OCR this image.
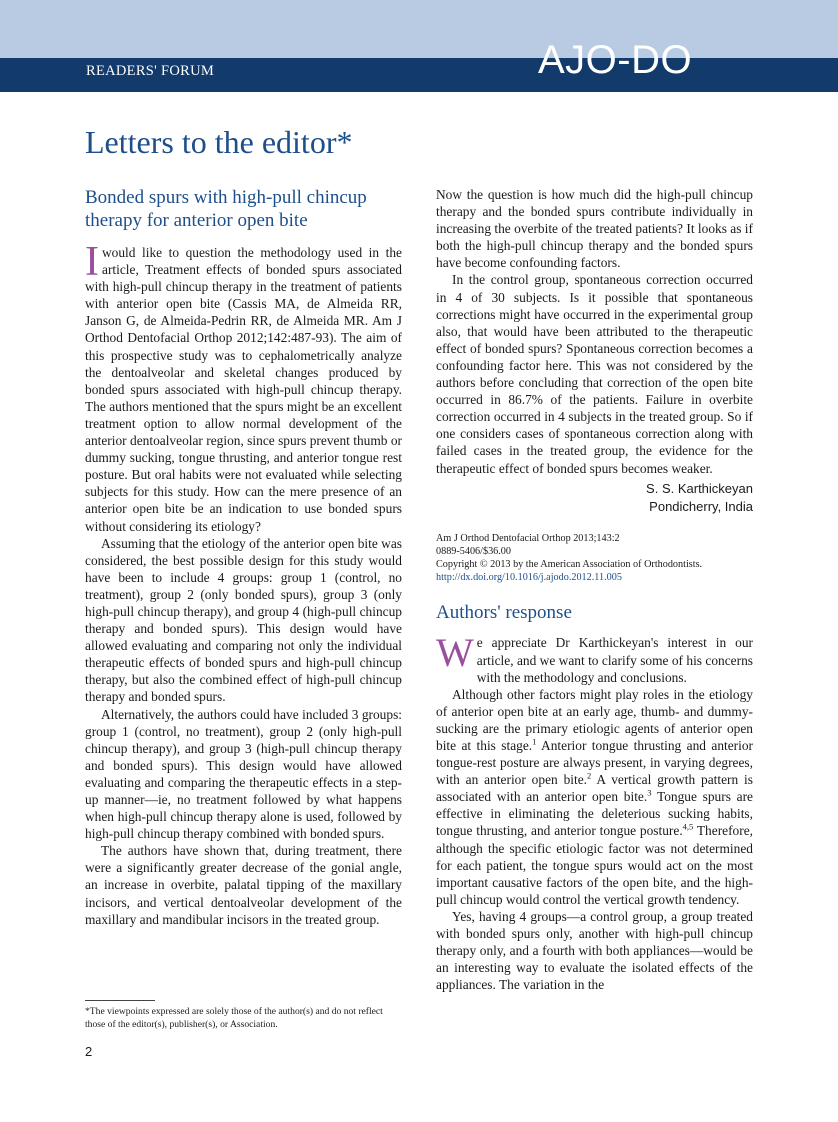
READERS' FORUM	AJO-DO
Letters to the editor*
Bonded spurs with high-pull chincup therapy for anterior open bite

Iwould like to question the methodology used in the article, Treatment effects of bonded spurs associated with high-pull chincup therapy in the treatment of patients with anterior open bite (Cassis MA, de Almeida RR, Janson G, de Almeida-Pedrin RR, de Almeida MR. Am J Orthod Dentofacial Orthop 2012;142:487-93). The aim of this prospective study was to cephalometrically analyze the dentoalveolar and skeletal changes produced by bonded spurs associated with high-pull chincup therapy. The authors mentioned that the spurs might be an excellent treatment option to allow normal development of the anterior dentoalveolar region, since spurs prevent thumb or dummy sucking, tongue thrusting, and anterior tongue rest posture. But oral habits were not evaluated while selecting subjects for this study. How can the mere presence of an anterior open bite be an indication to use bonded spurs without considering its etiology?

Assuming that the etiology of the anterior open bite was considered, the best possible design for this study would have been to include 4 groups: group 1 (control, no treatment), group 2 (only bonded spurs), group 3 (only high-pull chincup therapy), and group 4 (high-pull chincup therapy and bonded spurs). This design would have allowed evaluating and comparing not only the individual therapeutic effects of bonded spurs and high-pull chincup therapy, but also the combined effect of high-pull chincup therapy and bonded spurs.

Alternatively, the authors could have included 3 groups: group 1 (control, no treatment), group 2 (only high-pull chincup therapy), and group 3 (high-pull chincup therapy and bonded spurs). This design would have allowed evaluating and comparing the therapeutic effects in a step-up manner—ie, no treatment followed by what happens when high-pull chincup therapy alone is used, followed by high-pull chincup therapy combined with bonded spurs.

The authors have shown that, during treatment, there were a significantly greater decrease of the gonial angle, an increase in overbite, palatal tipping of the maxillary incisors, and vertical dentoalveolar development of the maxillary and mandibular incisors in the treated group.

Now the question is how much did the high-pull chincup therapy and the bonded spurs contribute individually in increasing the overbite of the treated patients? It looks as if both the high-pull chincup therapy and the bonded spurs have become confounding factors.

In the control group, spontaneous correction occurred in 4 of 30 subjects. Is it possible that spontaneous corrections might have occurred in the experimental group also, that would have been attributed to the therapeutic effect of bonded spurs? Spontaneous correction becomes a confounding factor here. This was not considered by the authors before concluding that correction of the open bite occurred in 86.7% of the patients. Failure in overbite correction occurred in 4 subjects in the treated group. So if one considers cases of spontaneous correction along with failed cases in the treated group, the evidence for the therapeutic effect of bonded spurs becomes weaker.

S. S. Karthickeyan
Pondicherry, India
Am J Orthod Dentofacial Orthop 2013;143:2
0889-5406/$36.00
Copyright © 2013 by the American Association of Orthodontists.
http://dx.doi.org/10.1016/j.ajodo.2012.11.005
Authors' response

We appreciate Dr Karthickeyan's interest in our article, and we want to clarify some of his concerns with the methodology and conclusions.

Although other factors might play roles in the etiology of anterior open bite at an early age, thumb- and dummy-sucking are the primary etiologic agents of anterior open bite at this stage.$^1$ Anterior tongue thrusting and anterior tongue-rest posture are always present, in varying degrees, with an anterior open bite.$^2$ A vertical growth pattern is associated with an anterior open bite.$^3$ Tongue spurs are effective in eliminating the deleterious sucking habits, tongue thrusting, and anterior tongue posture.$^{4,5}$ Therefore, although the specific etiologic factor was not determined for each patient, the tongue spurs would act on the most important causative factors of the open bite, and the high-pull chincup would control the vertical growth tendency.

Yes, having 4 groups—a control group, a group treated with bonded spurs only, another with high-pull chincup therapy only, and a fourth with both appliances—would be an interesting way to evaluate the isolated effects of the appliances. The variation in the

*The viewpoints expressed are solely those of the author(s) and do not reflect those of the editor(s), publisher(s), or Association.
2
